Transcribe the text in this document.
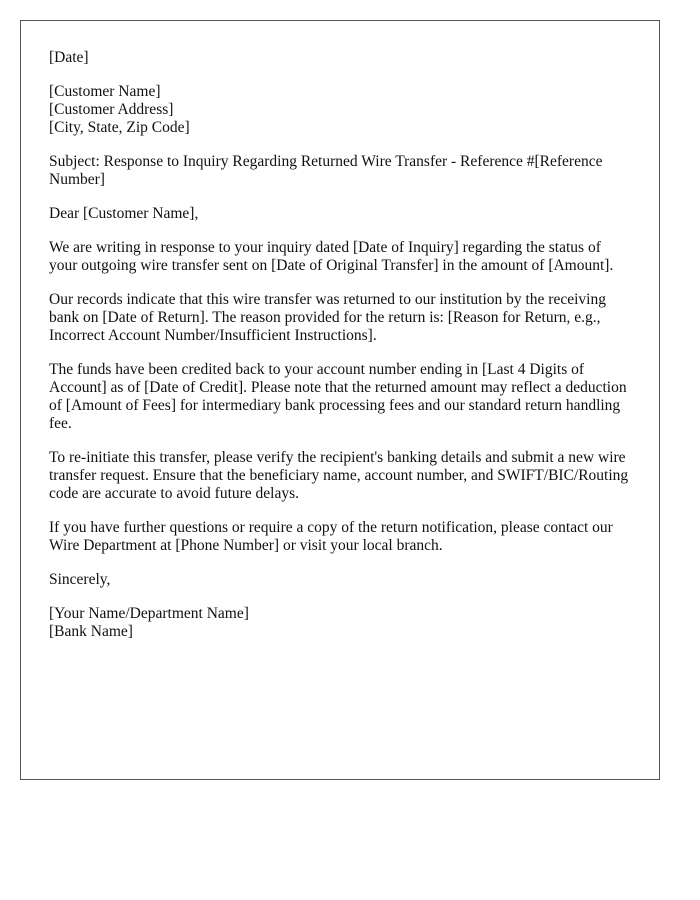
[Date]
[Customer Name]
[Customer Address]
[City, State, Zip Code]

Subject: Response to Inquiry Regarding Returned Wire Transfer - Reference #[Reference Number]

Dear [Customer Name],

We are writing in response to your inquiry dated [Date of Inquiry] regarding the status of your outgoing wire transfer sent on [Date of Original Transfer] in the amount of [Amount].

Our records indicate that this wire transfer was returned to our institution by the receiving bank on [Date of Return]. The reason provided for the return is: [Reason for Return, e.g., Incorrect Account Number/Insufficient Instructions].

The funds have been credited back to your account number ending in [Last 4 Digits of Account] as of [Date of Credit]. Please note that the returned amount may reflect a deduction of [Amount of Fees] for intermediary bank processing fees and our standard return handling fee.

To re-initiate this transfer, please verify the recipient's banking details and submit a new wire transfer request. Ensure that the beneficiary name, account number, and SWIFT/BIC/Routing code are accurate to avoid future delays.

If you have further questions or require a copy of the return notification, please contact our Wire Department at [Phone Number] or visit your local branch.

Sincerely,

[Your Name/Department Name]
[Bank Name]
